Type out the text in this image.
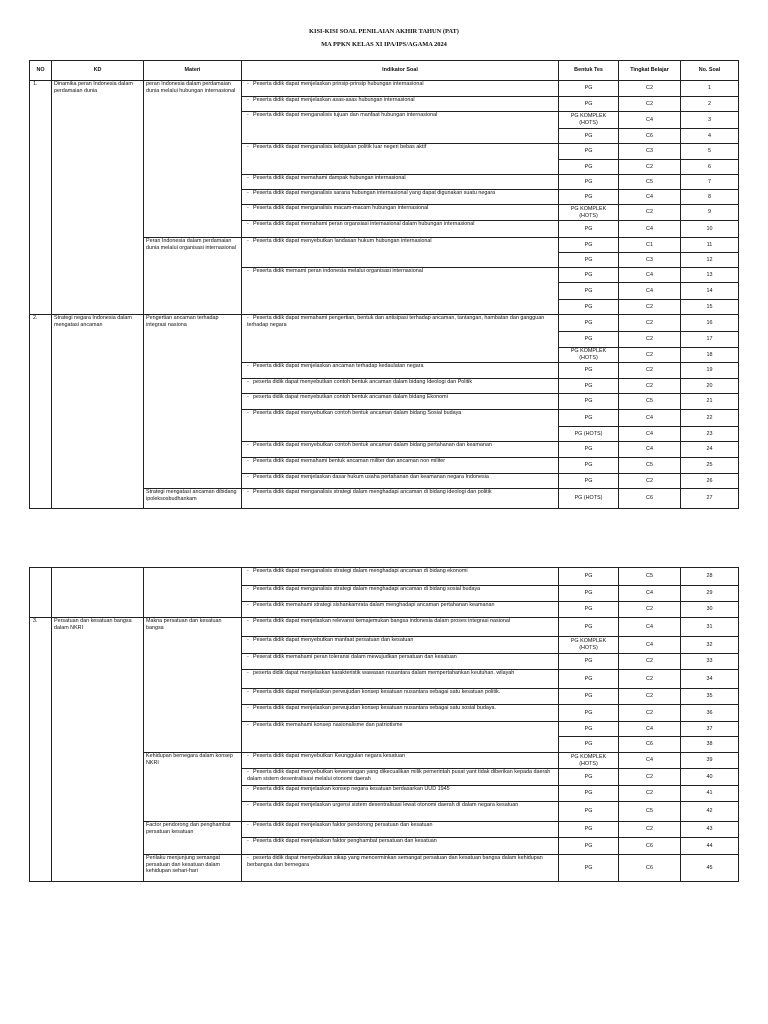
KISI-KISI SOAL PENILAIAN AKHIR TAHUN (PAT)
MA PPKN KELAS XI IPA/IPS/AGAMA 2024
NO	KD	Materi	Indikator Soal	Bentuk Tes	Tingkat Belajar	No. Soal
1.	Dinamika peran Indonesia dalam perdamaian dunia	peran Indonesia dalam perdamaian dunia melalui hubungan internasional	- Peserta didik dapat menjelaskan prinsip-prinsip hubungan internasional	PG	C2	1
			- Peserta didik dapat menjelaskan asas-asas hubungan internasional	PG	C2	2
			- Peserta didik dapat menganalisis tujuan dan manfaat hubungan internasional	PG KOMPLEK (HOTS)	C4	3
				PG	C6	4
			- Peserta didik dapat menganalisis kebijakan politik luar negeri bebas aktif	PG	C3	5
				PG	C2	6
			- Peserta didik dapat memahami dampak hubungan internasional	PG	C5	7
			- Peserta didik dapat menganalisis sarana hubungan internasional yang dapat digunakan suatu negara	PG	C4	8
			- Peserta didik dapat menganalisis macam-macam hubungan internasional	PG KOMPLEK (HOTS)	C2	9
			- Peserta didik dapat memahami peran organsiasi internasional dalam hubungan internasional	PG	C4	10
		Peran Indonesia dalam perdamaian dunia melalui organisasi internasional	- Peserta didik dapat menyebutkan landasan hukum hubungan internasional	PG	C1	11
				PG	C3	12
			- Peserta didik memami peran indonesia melalui organisasi internasional	PG	C4	13
				PG	C4	14
				PG	C2	15
2.	Strategi negara Indonesia dalam mengatasi ancaman	Pengertian ancaman terhadap integrasi nasiona	- Peserta didik dapat memahami pengertian, bentuk dan antisipasi terhadap ancaman, tantangan, hambatan dan gangguan terhadap negara	PG	C2	16
				PG	C2	17
				PG KOMPLEK (HOTS)	C2	18
			- Peserta didik dapat menjelaskan ancaman terhadap kedaulatan negara	PG	C2	19
			- peserta didik dapat menyebutkan contoh bentuk ancaman dalam bidang Ideologi dan Politik	PG	C2	20
			- peserta didik dapat menyebutkan contoh bentuk ancaman dalam bidang Ekonomi	PG	C5	21
			- Peserta didik dapat menyebutkan contoh bentuk ancaman dalam bidang Sosial budaya	PG	C4	22
				PG (HOTS)	C4	23
			- Peserta didik dapat menyebutkan contoh bentuk ancaman dalam bidang pertahanan dan keamanan	PG	C4	24
			- Peserta didik dapat memahami bentuk ancaman militer dan ancaman non militer	PG	C5	25
			- Peserta didik dapat menjelaskan dasar hukum usaha pertahanan dan keamanan negara Indonesia	PG	C2	26
		Strategi mengatasi ancaman dibidang ipoleksosbudhankam	- Peserta didik dapat menganalisis strategi dalam menghadapi ancaman di bidang ideologi dan politik	PG (HOTS)	C6	27
			- Peserta didik dapat menganalisis strategi dalam menghadapi ancaman di bidang ekonomi	PG	C5	28
			- Peserta didik dapat menganalisis strategi dalam menghadapi ancaman di bidang sosial budaya	PG	C4	29
			- Peserta didik memahami strategi sishankamrata dalam menghadapi ancaman pertahanan keamanan	PG	C2	30
3.	Persatuan dan kesatuan bangsa dalam NKRI	Makna persatuan dan kesatuan bangsa	- Peserta didik dapat menjelaskan relevansi kemajemukan bangsa indonesia dalam proses integrasi nasional	PG	C4	31
			- Peserta didik dapat menyebutkan manfaat persatuan dan kesatuan	PG KOMPLEK (HOTS)	C4	32
			- Peserat didik memahami peran toleransi dalam mewujudkan persatuan dan kesatuan	PG	C2	33
			- peserta didik dapat menjelaskan karakteristik wawasan nusantara dalam mempertahankan keutuhan. wilayah	PG	C2	34
			- Peserta didik dapat menjelaskan perwujudan konsep kesatuan nusantara sebagai satu kesatuan politik.	PG	C2	35
			- Peserta didik dapat menjelaskan perwujudan konsep kesatuan nusantara sebagai satu sosial budaya.	PG	C2	36
			- Peserta didik memahami konsep nasionalisme dan patriotisme	PG	C4	37
				PG	C6	38
		Kehidupan bernegara dalam konsep NKRI	- Peserta didik dapat menyebutkan Keunggulan negara kesatuan	PG KOMPLEK (HOTS)	C4	39
			- Peserta didik dapat menyebutkan kewenangan yang dikecualikan milik pemerintah pusat yant tidak diberikan kepada daerah dalam sistem desentralisasi melalui otonomi daerah	PG	C2	40
			- Peserta didik dapat menjelaskan konsep negara kesatuan berdasarkan UUD 1945	PG	C2	41
			- Peserta didik dapat menjelaskan urgensi sistem desentralisasi lewat otonomi daerah di dalam negara kesatuan	PG	C5	42
		Factor pendorong dan penghambat persatuan kesatuan	- Peserta didik dapat menjelaskan faktor pendorong persatuan dan kesatuan	PG	C2	43
			- Peserta didik dapat menjelaskan faktor penghambat persatuan dan kesatuan	PG	C6	44
		Perilaku menjunjung semangat persatuan dan kesatuan dalam kehidupan sehari-hari	- peserta didik dapat menyebutkan sikap yang mencerminkan semangat persatuan dan kesatuan bangsa dalam kehidupan berbangsa dan bernegara	PG	C6	45
